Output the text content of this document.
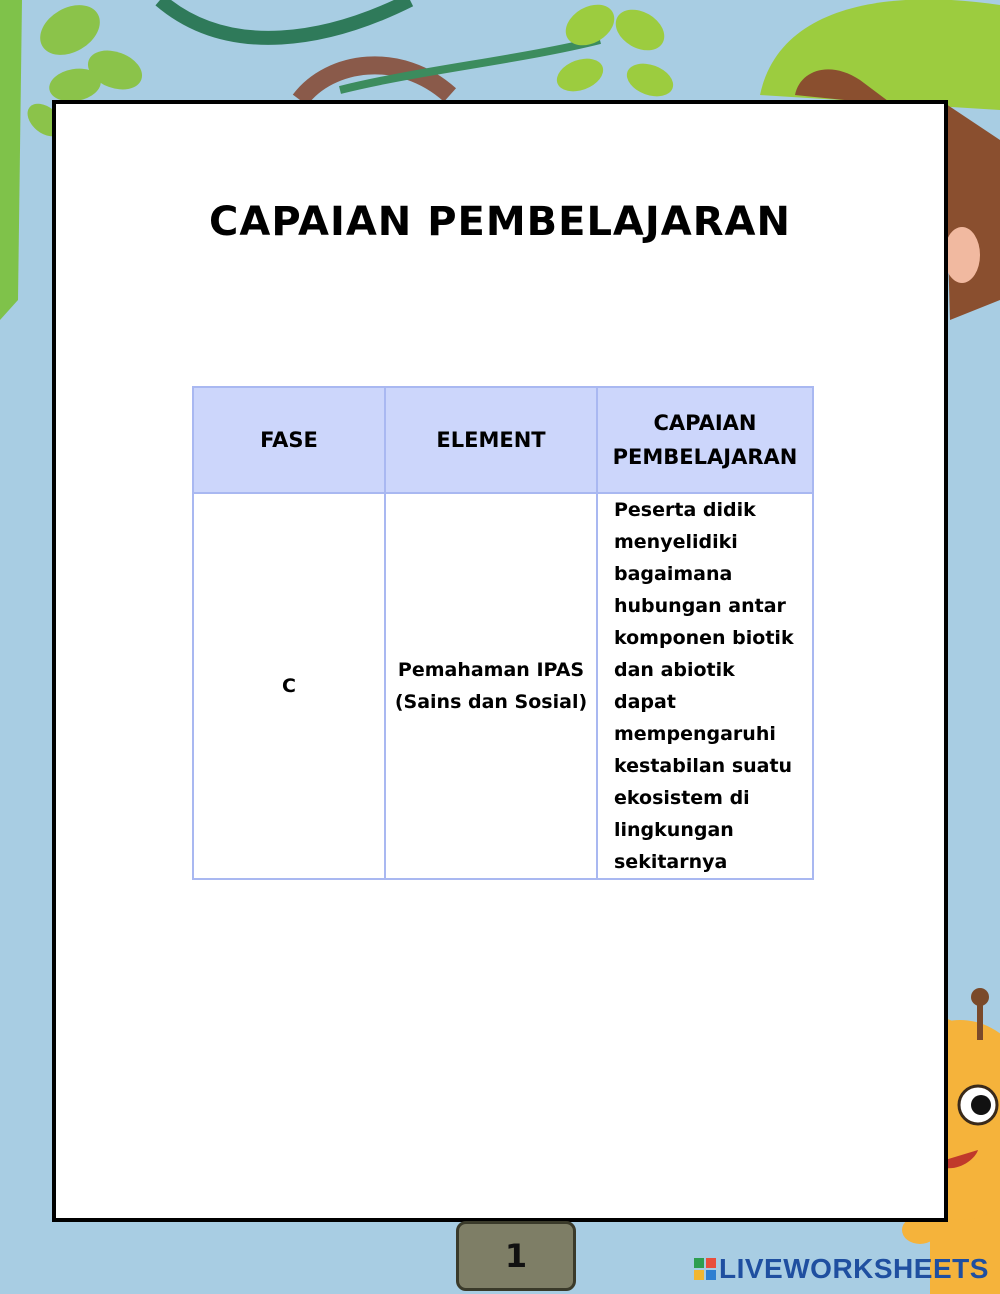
CAPAIAN PEMBELAJARAN
FASE	ELEMENT	CAPAIAN PEMBELAJARAN
C	Pemahaman IPAS (Sains dan Sosial)	Peserta didik menyelidiki bagaimana hubungan antar komponen biotik dan abiotik dapat mempengaruhi kestabilan suatu ekosistem di lingkungan sekitarnya
1	LIVEWORKSHEETS
